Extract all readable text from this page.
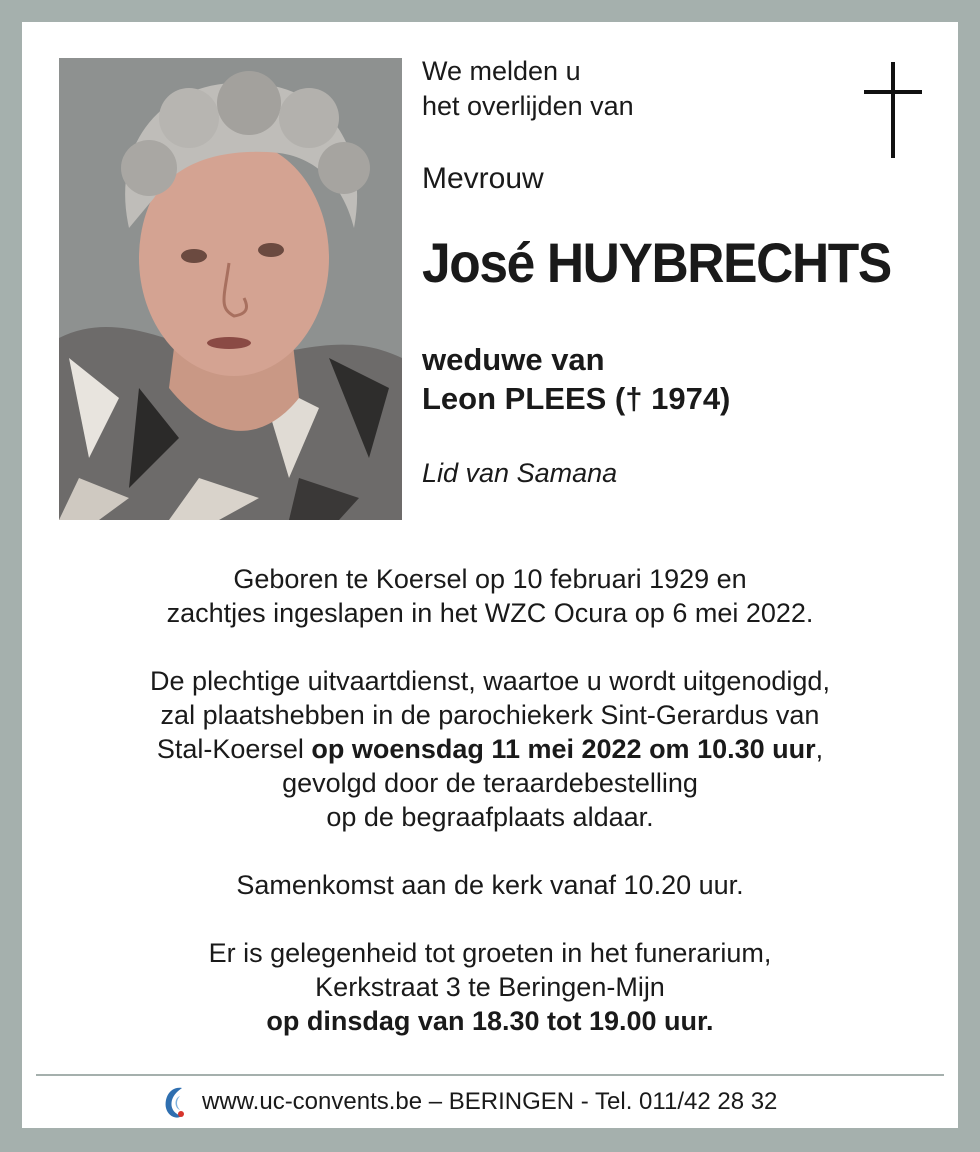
We melden u
het overlijden van
Mevrouw
José HUYBRECHTS
weduwe van
Leon PLEES († 1974)
Lid van Samana

Geboren te Koersel op 10 februari 1929 en
zachtjes ingeslapen in het WZC Ocura op 6 mei 2022.

De plechtige uitvaartdienst, waartoe u wordt uitgenodigd,
zal plaatshebben in de parochiekerk Sint-Gerardus van
Stal-Koersel op woensdag 11 mei 2022 om 10.30 uur,
gevolgd door de teraardebestelling
op de begraafplaats aldaar.

Samenkomst aan de kerk vanaf 10.20 uur.

Er is gelegenheid tot groeten in het funerarium,
Kerkstraat 3 te Beringen-Mijn
op dinsdag van 18.30 tot 19.00 uur.

www.uc-convents.be – BERINGEN - Tel. 011/42 28 32
